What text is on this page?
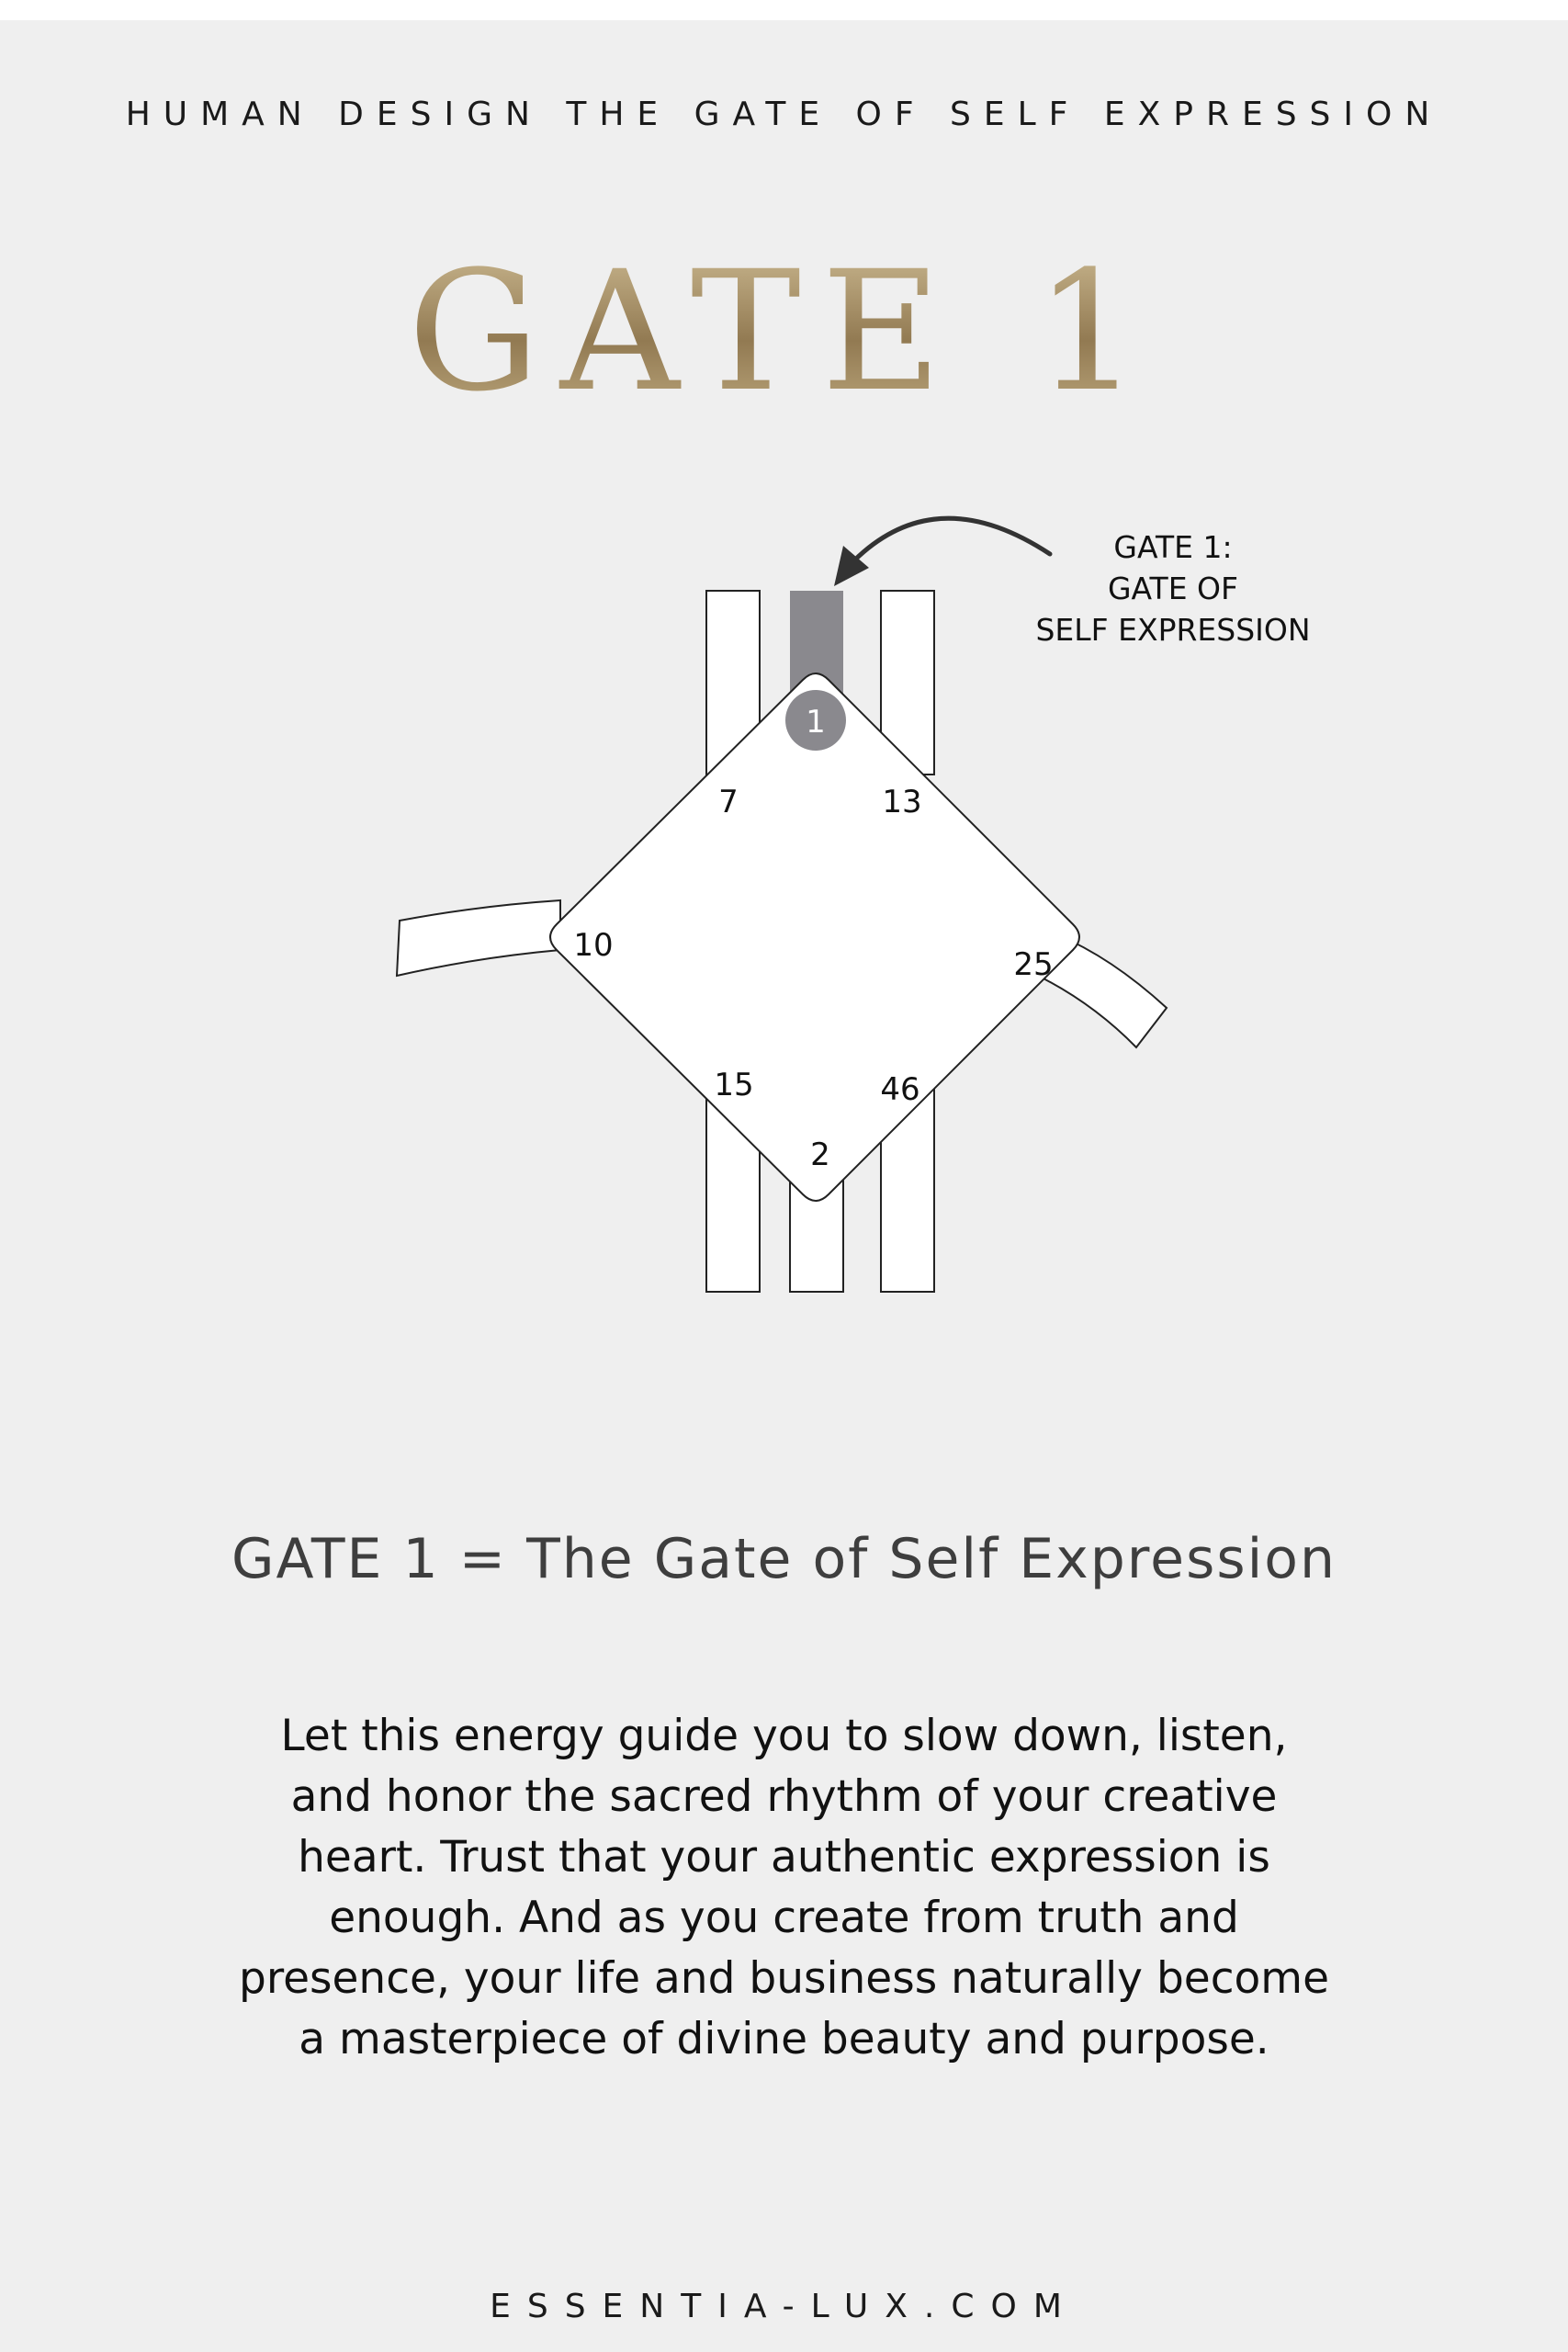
HUMAN DESIGN THE GATE OF SELF EXPRESSION
GATE 1
1
7	13
10
25
15	46
2
GATE 1:
GATE OF
SELF EXPRESSION
GATE 1 = The Gate of Self Expression
Let this energy guide you to slow down, listen,
and honor the sacred rhythm of your creative
heart. Trust that your authentic expression is
enough. And as you create from truth and
presence, your life and business naturally become
a masterpiece of divine beauty and purpose.
ESSENTIA-LUX.COM
